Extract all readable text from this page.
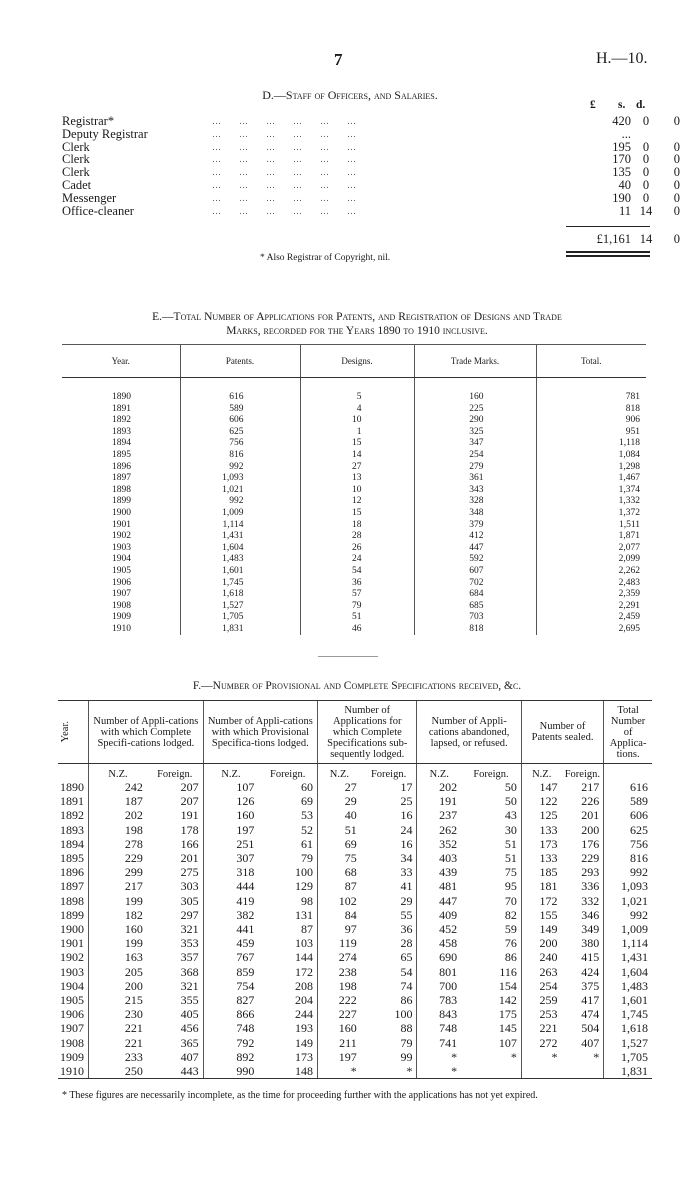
7	H.—10.
D.—Staff of Officers, and Salaries.
£ s. d.
Registrar*	…        …        …        …        …        …	420 0	0
Deputy Registrar	…        …        …        …        …        …	...
Clerk	…        …        …        …        …        …	195 0	0
Clerk	…        …        …        …        …        …	170 0	0
Clerk	…        …        …        …        …        …	135 0	0
Cadet	…        …        …        …        …        …	40 0	0
Messenger	…        …        …        …        …        …	190 0	0
Office-cleaner	…        …        …        …        …        …	11 14	0
£1,161 14	0
* Also Registrar of Copyright, nil.
E.—Total Number of Applications for Patents, and Registration of Designs and Trade
Marks, recorded for the Years 1890 to 1910 inclusive.
Year.	Patents.	Designs.	Trade Marks.	Total.

1890	616	5	160	781
1891	589	4	225	818
1892	606	10	290	906
1893	625	1	325	951
1894	756	15	347	1,118
1895	816	14	254	1,084
1896	992	27	279	1,298
1897	1,093	13	361	1,467
1898	1,021	10	343	1,374
1899	992	12	328	1,332
1900	1,009	15	348	1,372
1901	1,114	18	379	1,511
1902	1,431	28	412	1,871
1903	1,604	26	447	2,077
1904	1,483	24	592	2,099
1905	1,601	54	607	2,262
1906	1,745	36	702	2,483
1907	1,618	57	684	2,359
1908	1,527	79	685	2,291
1909	1,705	51	703	2,459
1910	1,831	46	818	2,695
F.—Number of Provisional and Complete Specifications received, &c.
Year.	Number of Appli-cations with which Complete Specifi-cations lodged.		Number of Appli-cations with which Provisional Specifica-tions lodged.		Number of Applications for which Complete Specifications sub-sequently lodged.		Number of Appli-cations abandoned, lapsed, or refused.		Number of Patents sealed.		Total Number of Applica-tions.
	N.Z.	Foreign.	N.Z.	Foreign.	N.Z.	Foreign.	N.Z.	Foreign.	N.Z.	Foreign.	
1890	242	207	107	60	27	17	202	50	147	217	616
1891	187	207	126	69	29	25	191	50	122	226	589
1892	202	191	160	53	40	16	237	43	125	201	606
1893	198	178	197	52	51	24	262	30	133	200	625
1894	278	166	251	61	69	16	352	51	173	176	756
1895	229	201	307	79	75	34	403	51	133	229	816
1896	299	275	318	100	68	33	439	75	185	293	992
1897	217	303	444	129	87	41	481	95	181	336	1,093
1898	199	305	419	98	102	29	447	70	172	332	1,021
1899	182	297	382	131	84	55	409	82	155	346	992
1900	160	321	441	87	97	36	452	59	149	349	1,009
1901	199	353	459	103	119	28	458	76	200	380	1,114
1902	163	357	767	144	274	65	690	86	240	415	1,431
1903	205	368	859	172	238	54	801	116	263	424	1,604
1904	200	321	754	208	198	74	700	154	254	375	1,483
1905	215	355	827	204	222	86	783	142	259	417	1,601
1906	230	405	866	244	227	100	843	175	253	474	1,745
1907	221	456	748	193	160	88	748	145	221	504	1,618
1908	221	365	792	149	211	79	741	107	272	407	1,527
1909	233	407	892	173	197	99	*	*	*	*	1,705
1910	250	443	990	148	*	*	*				1,831
* These figures are necessarily incomplete, as the time for proceeding further with the applications has not yet expired.
